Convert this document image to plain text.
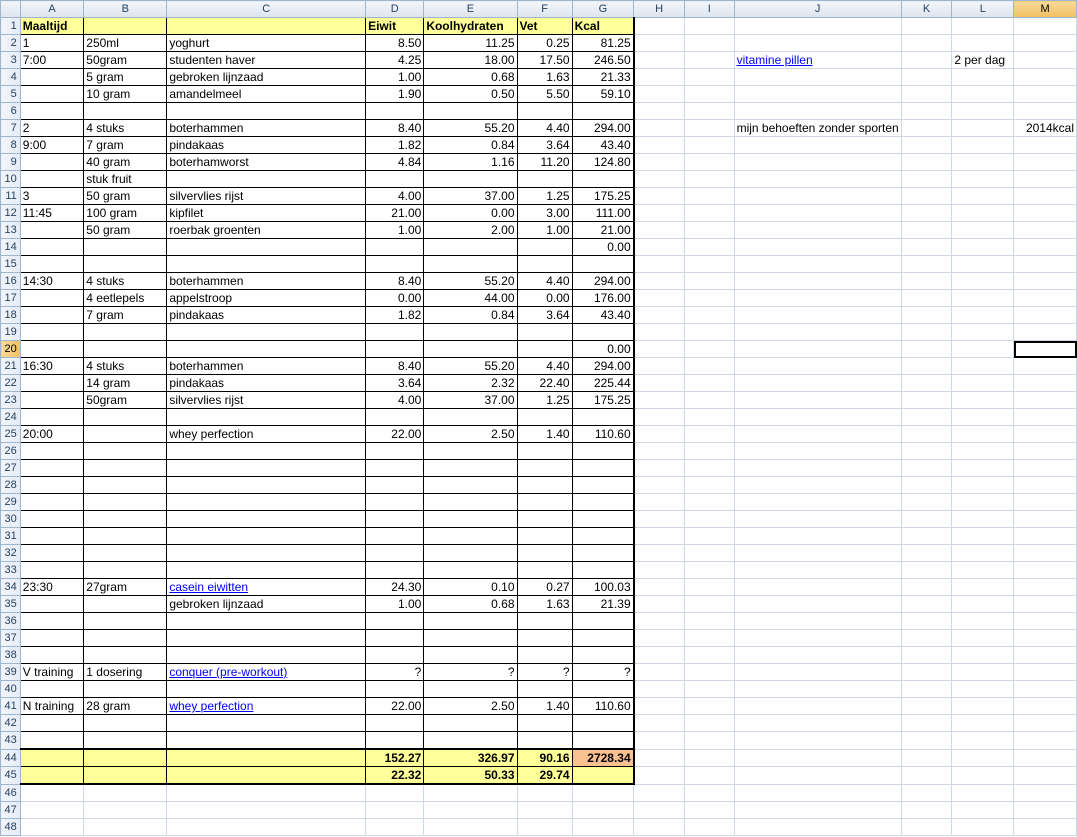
	A	B	C	D	E	F	G	H	I	J	K	L	M
1	Maaltijd			Eiwit	Koolhydraten	Vet	Kcal						
2	1	250ml	yoghurt	8.50	11.25	0.25	81.25						
3	7:00	50gram	studenten haver	4.25	18.00	17.50	246.50			vitamine pillen		2 per dag	
4		5 gram	gebroken lijnzaad	1.00	0.68	1.63	21.33						
5		10 gram	amandelmeel	1.90	0.50	5.50	59.10						
6													
7	2	4 stuks	boterhammen	8.40	55.20	4.40	294.00			mijn behoeften zonder sporten			2014kcal
8	9:00	7 gram	pindakaas	1.82	0.84	3.64	43.40						
9		40 gram	boterhamworst	4.84	1.16	11.20	124.80						
10		stuk fruit											
11	3	50 gram	silvervlies rijst	4.00	37.00	1.25	175.25						
12	11:45	100 gram	kipfilet	21.00	0.00	3.00	111.00						
13		50 gram	roerbak groenten	1.00	2.00	1.00	21.00						
14							0.00						
15													
16	14:30	4 stuks	boterhammen	8.40	55.20	4.40	294.00						
17		4 eetlepels	appelstroop	0.00	44.00	0.00	176.00						
18		7 gram	pindakaas	1.82	0.84	3.64	43.40						
19													
20							0.00						
21	16:30	4 stuks	boterhammen	8.40	55.20	4.40	294.00						
22		14 gram	pindakaas	3.64	2.32	22.40	225.44						
23		50gram	silvervlies rijst	4.00	37.00	1.25	175.25						
24													
25	20:00		whey perfection	22.00	2.50	1.40	110.60						
26													
27													
28													
29													
30													
31													
32													
33													
34	23:30	27gram	casein eiwitten	24.30	0.10	0.27	100.03						
35			gebroken lijnzaad	1.00	0.68	1.63	21.39						
36													
37													
38													
39	V training	1 dosering	conquer (pre-workout)	?	?	?	?						
40													
41	N training	28 gram	whey perfection	22.00	2.50	1.40	110.60						
42													
43													
44				152.27	326.97	90.16	2728.34						
45				22.32	50.33	29.74							
46													
47													
48													
